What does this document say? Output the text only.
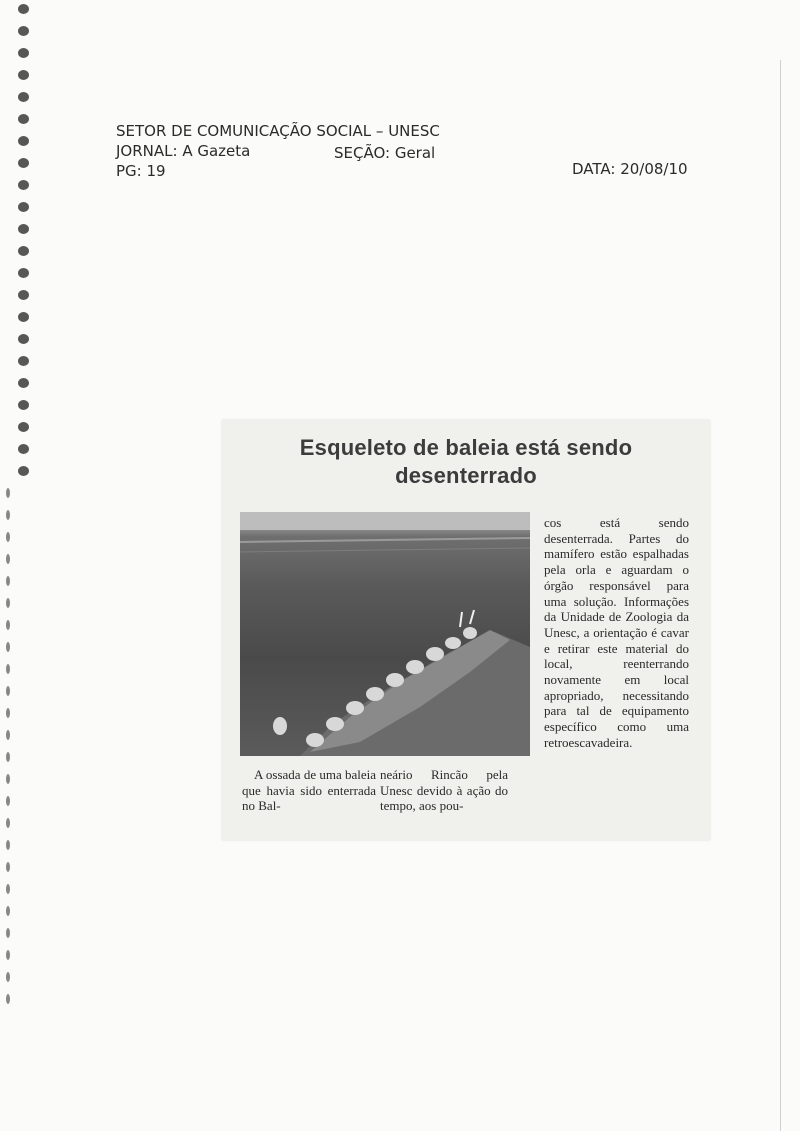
SETOR DE COMUNICAÇÃO SOCIAL – UNESC
JORNAL: A Gazeta	SEÇÃO: Geral
PG: 19	DATA: 20/08/10
Esqueleto de baleia está sendo
desenterrado

cos está sendo desenterrada. Partes do mamífero estão espalhadas pela orla e aguardam o órgão responsável para uma solução. Informações da Unidade de Zoologia da Unesc, a orientação é cavar e retirar este material do local, reenterrando novamente em local apropriado, necessitando para tal de equipamento específico como uma retroescavadeira.

A ossada de uma baleia que havia sido enterrada no Bal-

neário Rincão pela Unesc devido à ação do tempo, aos pou-
